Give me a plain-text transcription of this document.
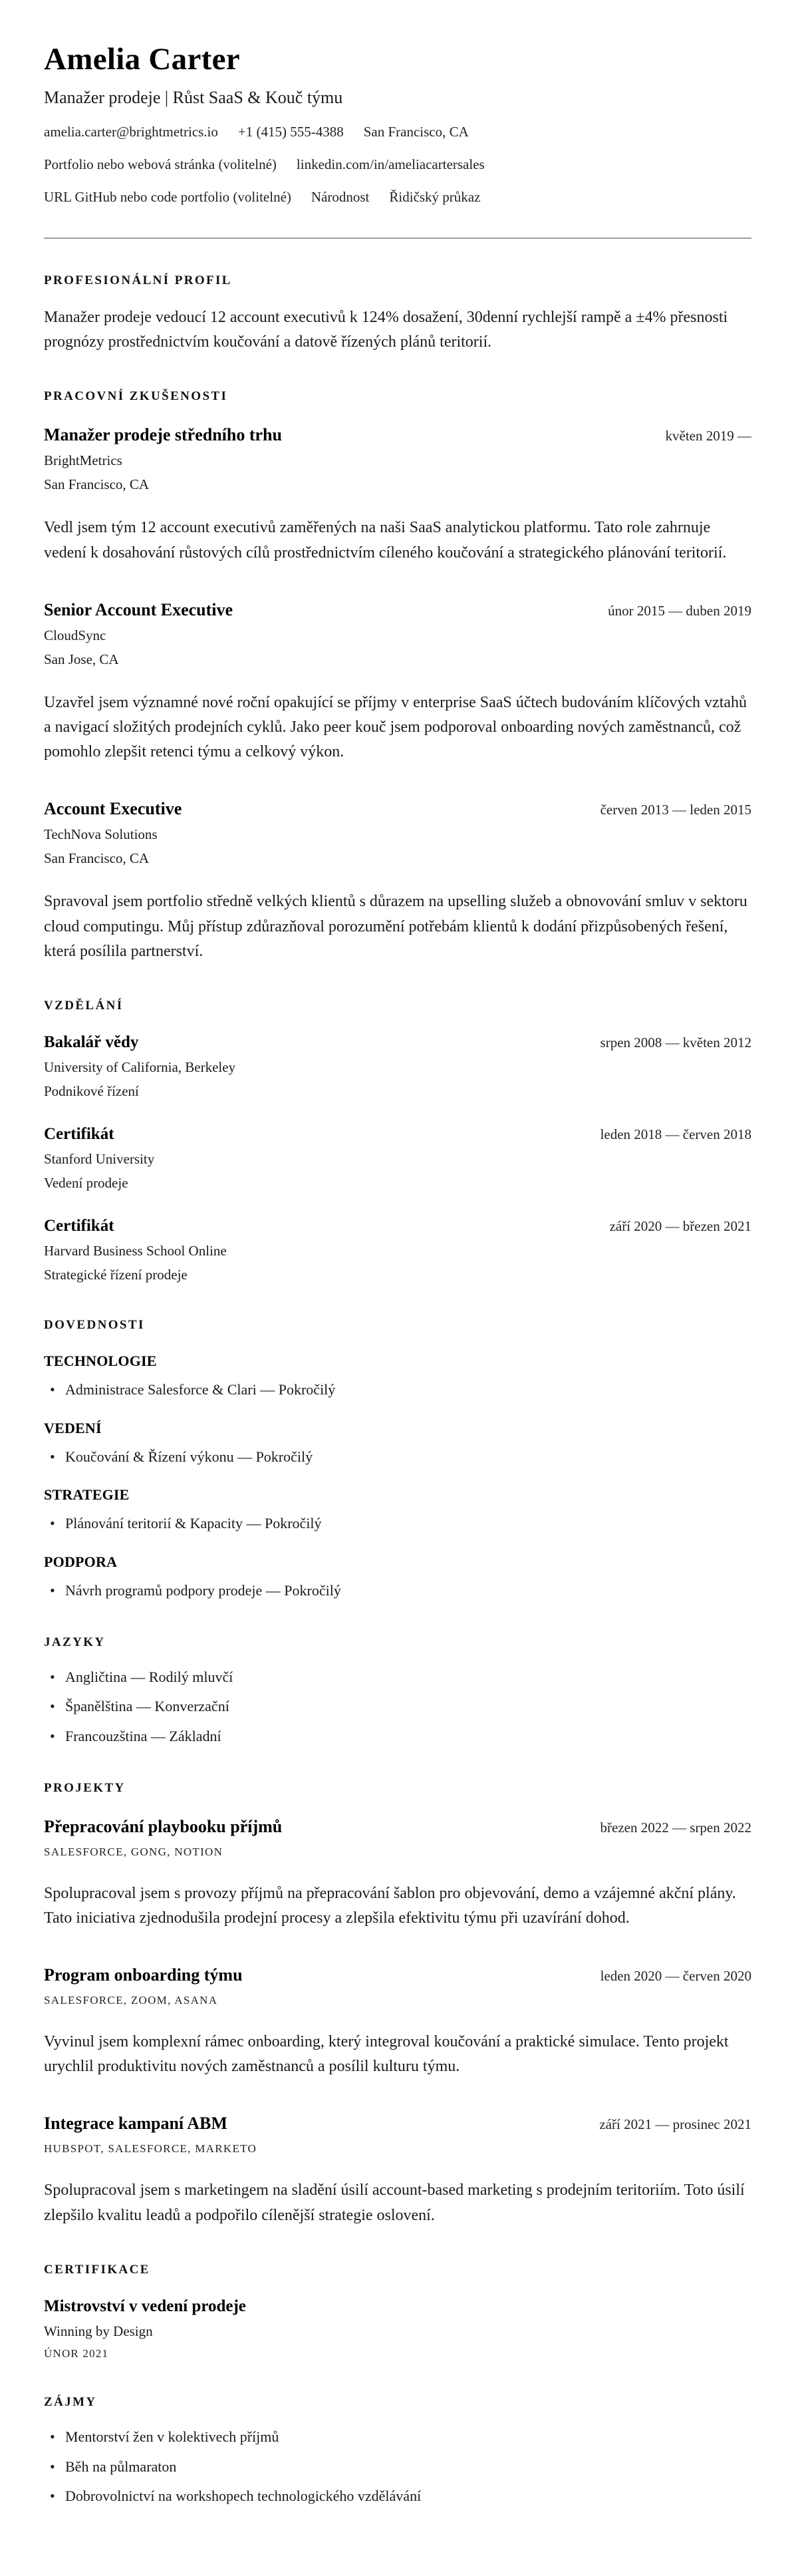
Amelia Carter
Manažer prodeje | Růst SaaS & Kouč týmu
amelia.carter@brightmetrics.io +1 (415) 555-4388 San Francisco, CA
Portfolio nebo webová stránka (volitelné) linkedin.com/in/ameliacartersales
URL GitHub nebo code portfolio (volitelné) Národnost Řidičský průkaz
PROFESIONÁLNÍ PROFIL

Manažer prodeje vedoucí 12 account executivů k 124% dosažení, 30denní rychlejší rampě a ±4% přesnosti prognózy prostřednictvím koučování a datově řízených plánů teritorií.

PRACOVNÍ ZKUŠENOSTI
Manažer prodeje středního trhu	květen 2019 —
BrightMetrics
San Francisco, CA

Vedl jsem tým 12 account executivů zaměřených na naši SaaS analytickou platformu. Tato role zahrnuje vedení k dosahování růstových cílů prostřednictvím cíleného koučování a strategického plánování teritorií.

Senior Account Executive	únor 2015 — duben 2019
CloudSync
San Jose, CA

Uzavřel jsem významné nové roční opakující se příjmy v enterprise SaaS účtech budováním klíčových vztahů a navigací složitých prodejních cyklů. Jako peer kouč jsem podporoval onboarding nových zaměstnanců, což pomohlo zlepšit retenci týmu a celkový výkon.

Account Executive	červen 2013 — leden 2015
TechNova Solutions
San Francisco, CA

Spravoval jsem portfolio středně velkých klientů s důrazem na upselling služeb a obnovování smluv v sektoru cloud computingu. Můj přístup zdůrazňoval porozumění potřebám klientů k dodání přizpůsobených řešení, která posílila partnerství.

VZDĚLÁNÍ
Bakalář vědy	srpen 2008 — květen 2012
University of California, Berkeley
Podnikové řízení
Certifikát	leden 2018 — červen 2018
Stanford University
Vedení prodeje
Certifikát	září 2020 — březen 2021
Harvard Business School Online
Strategické řízení prodeje
DOVEDNOSTI
TECHNOLOGIE
• Administrace Salesforce & Clari — Pokročilý
VEDENÍ
• Koučování & Řízení výkonu — Pokročilý
STRATEGIE
• Plánování teritorií & Kapacity — Pokročilý
PODPORA
• Návrh programů podpory prodeje — Pokročilý
JAZYKY
• Angličtina — Rodilý mluvčí
• Španělština — Konverzační
• Francouzština — Základní
PROJEKTY
Přepracování playbooku příjmů	březen 2022 — srpen 2022
SALESFORCE, GONG, NOTION

Spolupracoval jsem s provozy příjmů na přepracování šablon pro objevování, demo a vzájemné akční plány. Tato iniciativa zjednodušila prodejní procesy a zlepšila efektivitu týmu při uzavírání dohod.

Program onboarding týmu	leden 2020 — červen 2020
SALESFORCE, ZOOM, ASANA

Vyvinul jsem komplexní rámec onboarding, který integroval koučování a praktické simulace. Tento projekt urychlil produktivitu nových zaměstnanců a posílil kulturu týmu.

Integrace kampaní ABM	září 2021 — prosinec 2021
HUBSPOT, SALESFORCE, MARKETO

Spolupracoval jsem s marketingem na sladění úsilí account-based marketing s prodejním teritoriím. Toto úsilí zlepšilo kvalitu leadů a podpořilo cílenější strategie oslovení.

CERTIFIKACE
Mistrovství v vedení prodeje
Winning by Design
ÚNOR 2021
ZÁJMY
• Mentorství žen v kolektivech příjmů
• Běh na půlmaraton
• Dobrovolnictví na workshopech technologického vzdělávání
